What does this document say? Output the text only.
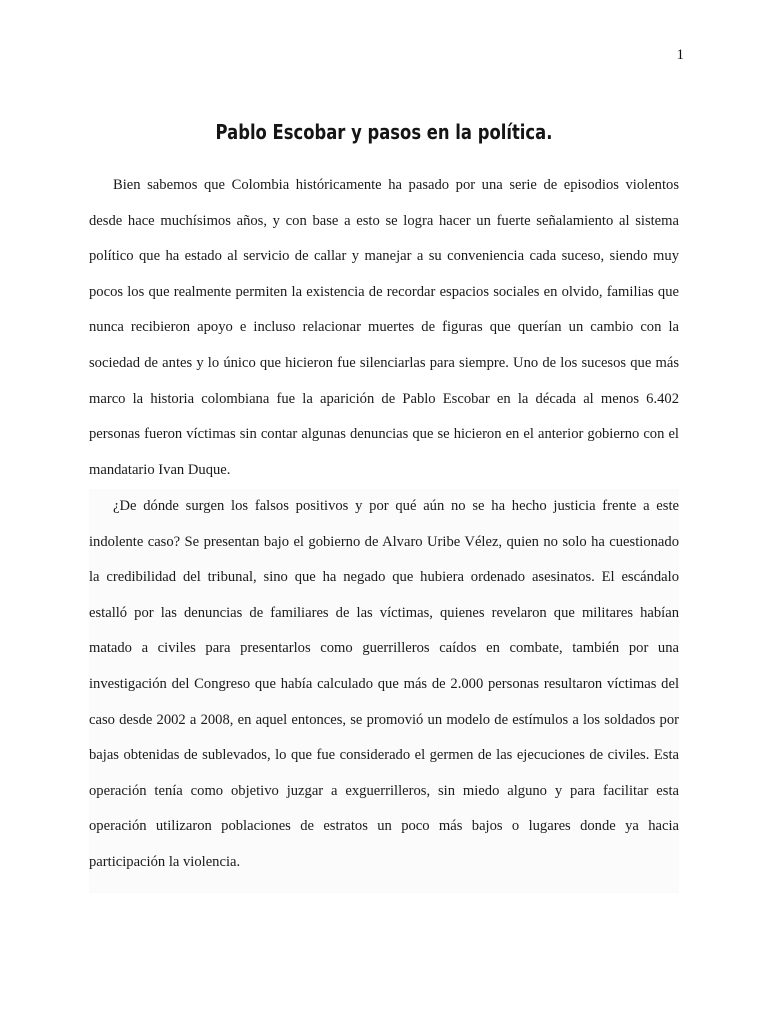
1
Pablo Escobar y pasos en la política.

Bien sabemos que Colombia históricamente ha pasado por una serie de episodios violentos desde hace muchísimos años, y con base a esto se logra hacer un fuerte señalamiento al sistema político que ha estado al servicio de callar y manejar a su conveniencia cada suceso, siendo muy pocos los que realmente permiten la existencia de recordar espacios sociales en olvido, familias que nunca recibieron apoyo e incluso relacionar muertes de figuras que querían un cambio con la sociedad de antes y lo único que hicieron fue silenciarlas para siempre. Uno de los sucesos que más marco la historia colombiana fue la aparición de Pablo Escobar en la década al menos 6.402 personas fueron víctimas sin contar algunas denuncias que se hicieron en el anterior gobierno con el mandatario Ivan Duque.

¿De dónde surgen los falsos positivos y por qué aún no se ha hecho justicia frente a este indolente caso? Se presentan bajo el gobierno de Alvaro Uribe Vélez, quien no solo ha cuestionado la credibilidad del tribunal, sino que ha negado que hubiera ordenado asesinatos. El escándalo estalló por las denuncias de familiares de las víctimas, quienes revelaron que militares habían matado a civiles para presentarlos como guerrilleros caídos en combate, también por una investigación del Congreso que había calculado que más de 2.000 personas resultaron víctimas del caso desde 2002 a 2008, en aquel entonces, se promovió un modelo de estímulos a los soldados por bajas obtenidas de sublevados, lo que fue considerado el germen de las ejecuciones de civiles. Esta operación tenía como objetivo juzgar a exguerrilleros, sin miedo alguno y para facilitar esta operación utilizaron poblaciones de estratos un poco más bajos o lugares donde ya hacia participación la violencia.
